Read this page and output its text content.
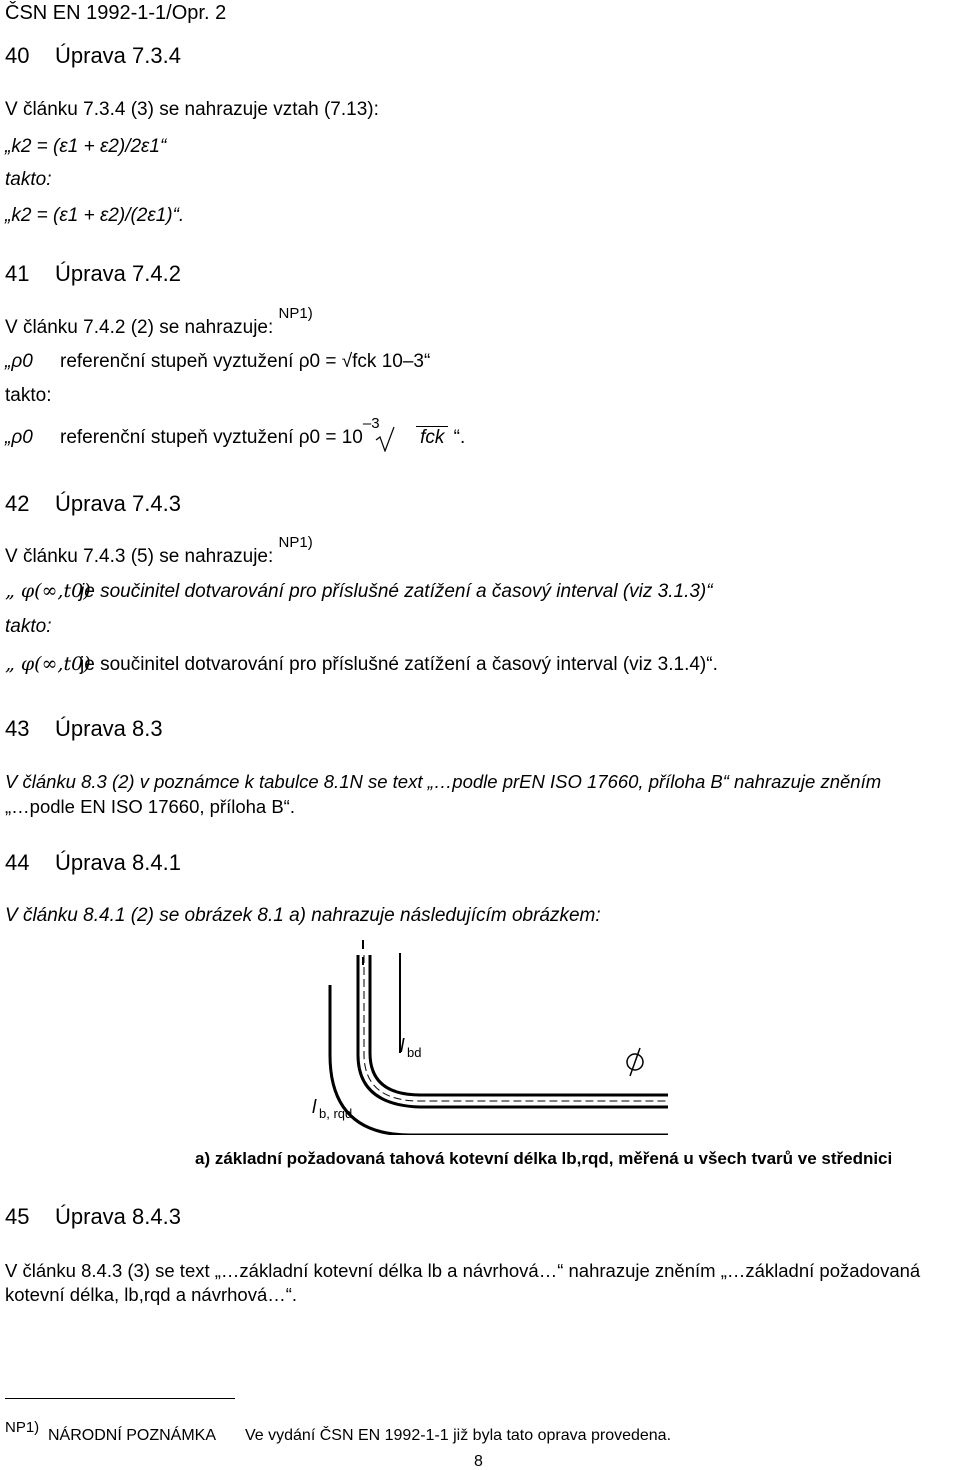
ČSN EN 1992-1-1/Opr. 2
40 Úprava 7.3.4
V článku 7.3.4 (3) se nahrazuje vztah (7.13):
„k2 = (ε1 + ε2)/2ε1“
takto:
„k2 = (ε1 + ε2)/(2ε1)“.
41 Úprava 7.4.2
V článku 7.4.2 (2) se nahrazuje: $^{NP1)}$
„ρ0 referenční stupeň vyztužení ρ0 = √fck 10–3“
takto:
„ρ0 referenční stupeň vyztužení $\rho 0 = 10^{-3}$  fck “.
42 Úprava 7.4.3
V článku 7.4.3 (5) se nahrazuje: $^{NP1)}$
„ φ(∞,t0)
je součinitel dotvarování pro příslušné zatížení a časový interval (viz 3.1.3)“
takto:
„ φ(∞,t0)
je součinitel dotvarování pro příslušné zatížení a časový interval (viz 3.1.4)“.
43 Úprava 8.3
V článku 8.3 (2) v poznámce k tabulce 8.1N se text „…podle prEN ISO 17660, příloha B“ nahrazuje zněním
„…podle EN ISO 17660, příloha B“.
44 Úprava 8.4.1
V článku 8.4.1 (2) se obrázek 8.1 a) nahrazuje následujícím obrázkem:
l bd
l b, rqd
a) základní požadovaná tahová kotevní délka lb,rqd, měřená u všech tvarů ve střednici
45 Úprava 8.4.3
V článku 8.4.3 (3) se text „…základní kotevní délka lb a návrhová…“ nahrazuje zněním „…základní požadovaná
kotevní délka, lb,rqd a návrhová…“.
NP1) NÁRODNÍ POZNÁMKA Ve vydání ČSN EN 1992-1-1 již byla tato oprava provedena.
8
